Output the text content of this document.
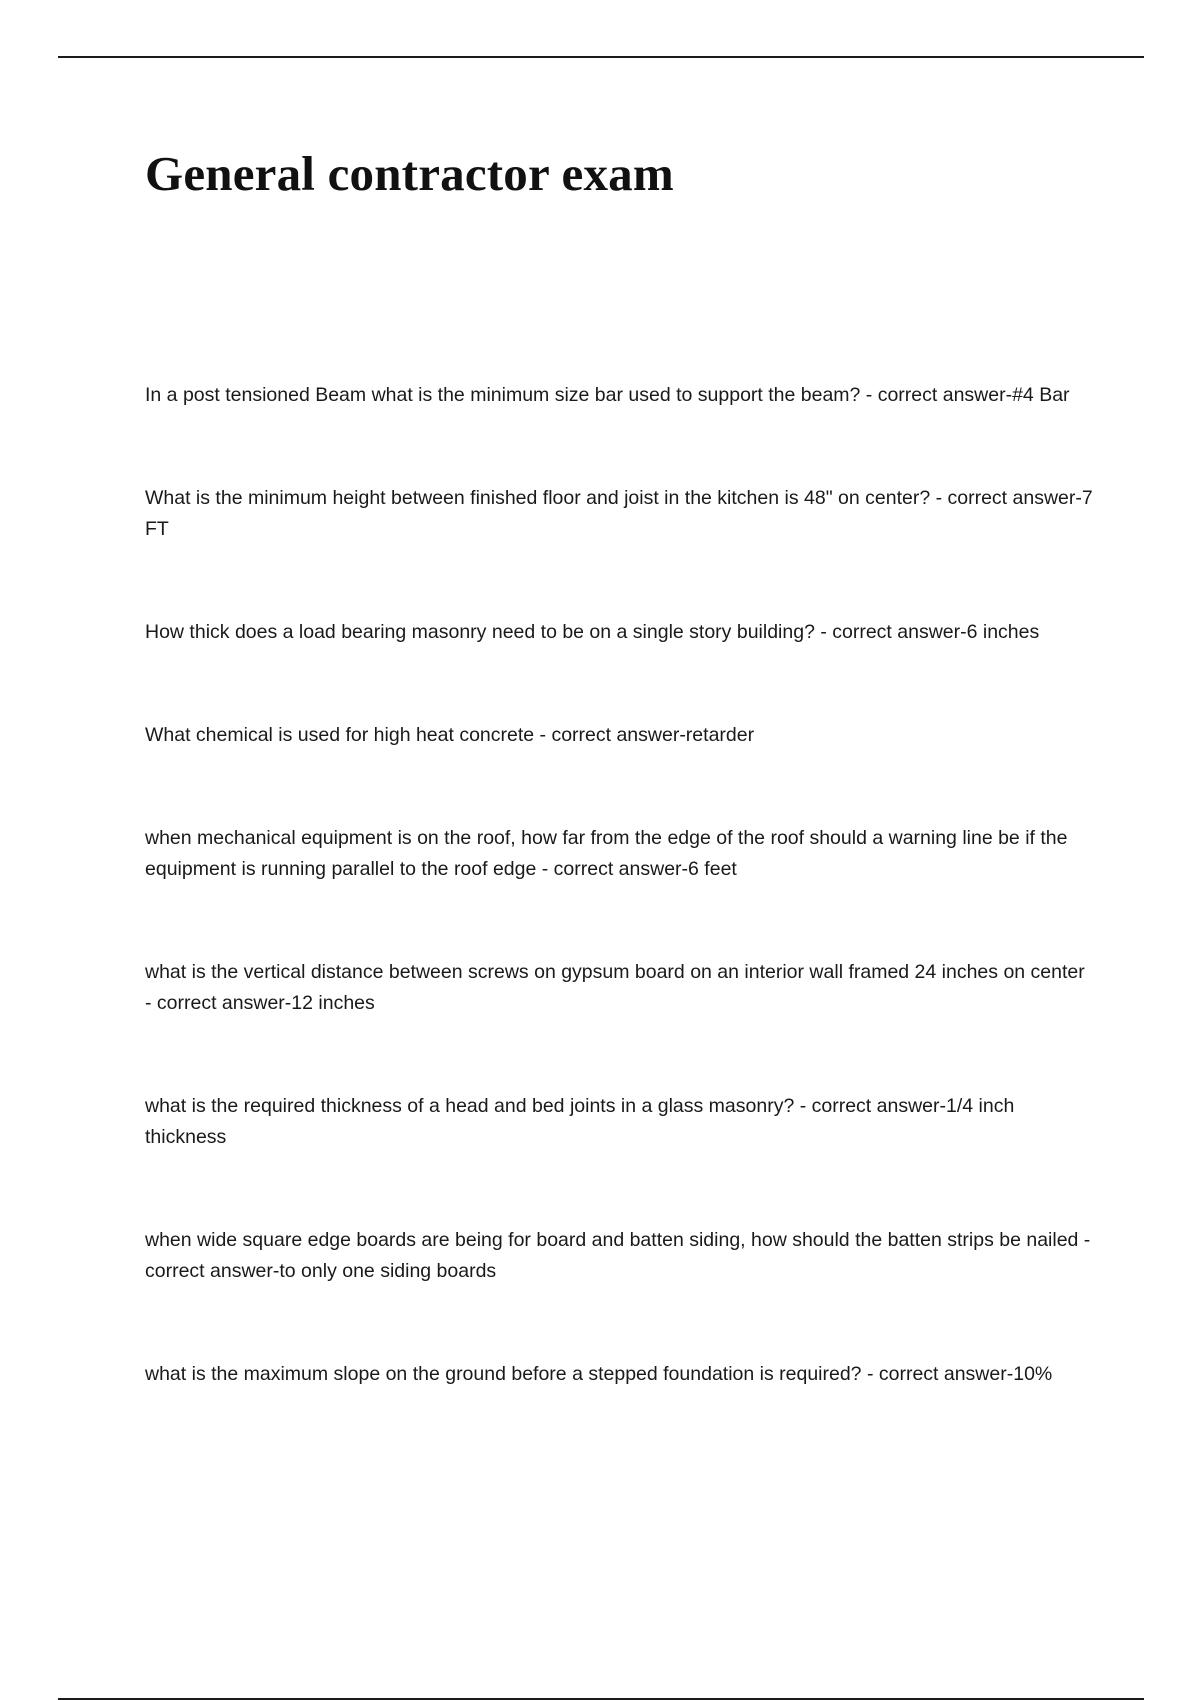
General contractor exam
In a post tensioned Beam what is the minimum size bar used to support the beam? - correct answer-#4 Bar
What is the minimum height between finished floor and joist in the kitchen is 48" on center? - correct answer-7 FT
How thick does a load bearing masonry need to be on a single story building? - correct answer-6 inches
What chemical is used for high heat concrete - correct answer-retarder
when mechanical equipment is on the roof, how far from the edge of the roof should a warning line be if the equipment is running parallel to the roof edge - correct answer-6 feet
what is the vertical distance between screws on gypsum board on an interior wall framed 24 inches on center - correct answer-12 inches
what is the required thickness of a head and bed joints in a glass masonry? - correct answer-1/4 inch thickness
when wide square edge boards are being for board and batten siding, how should the batten strips be nailed - correct answer-to only one siding boards
what is the maximum slope on the ground before a stepped foundation is required? - correct answer-10%
